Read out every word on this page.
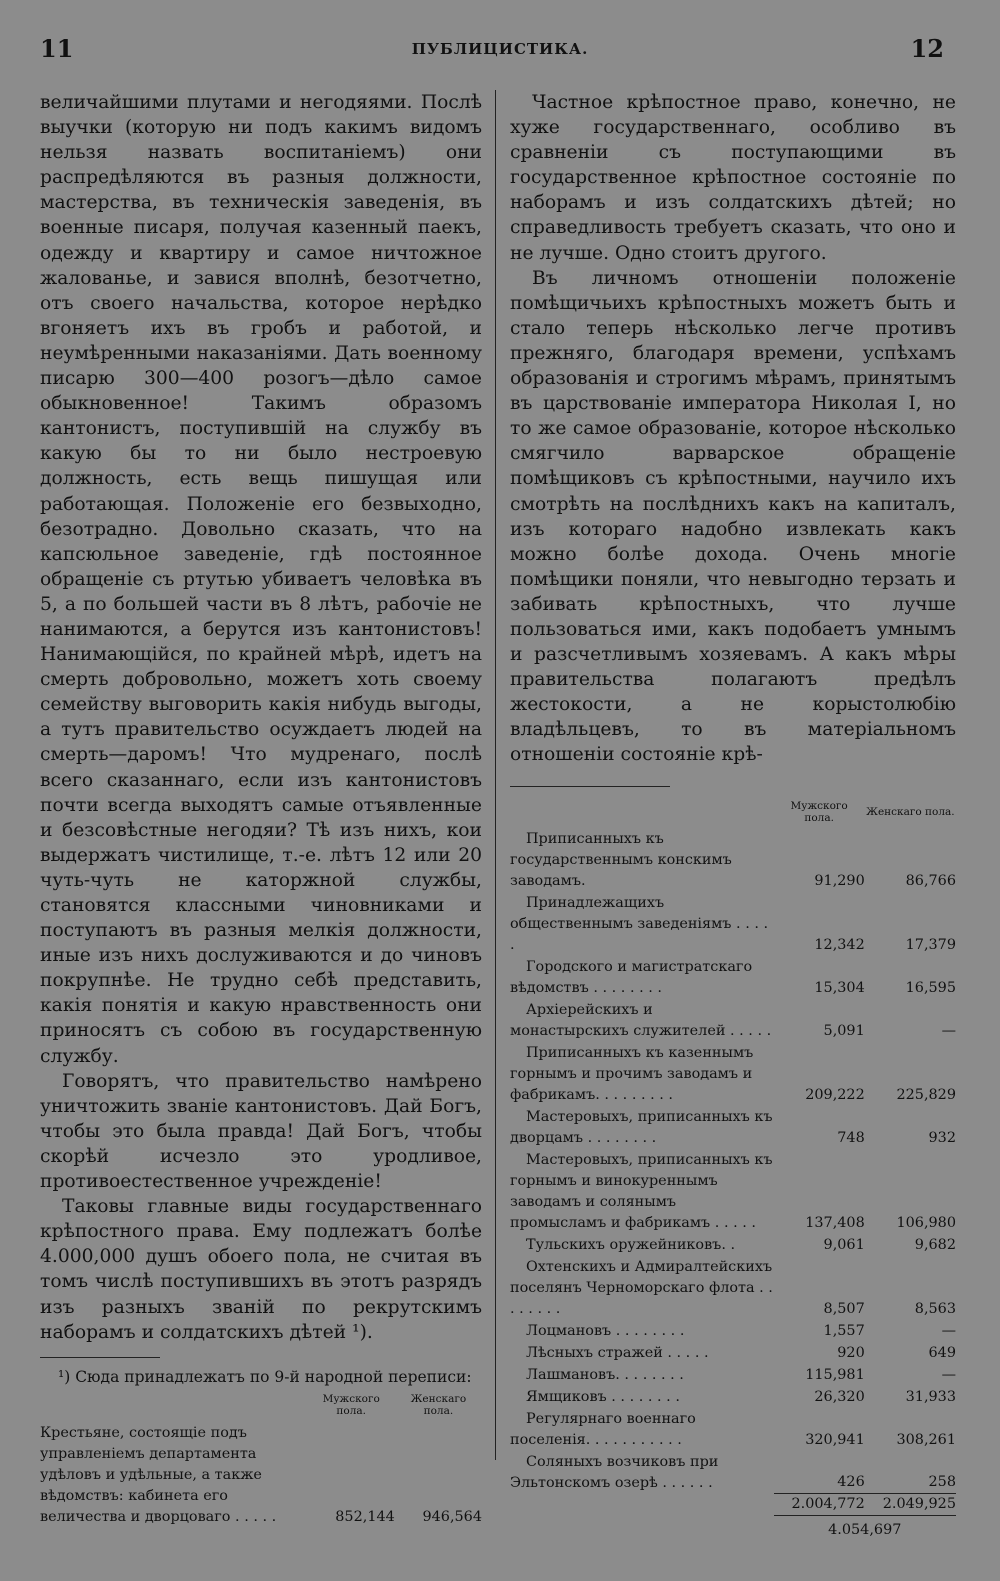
11	ПУБЛИЦИСТИКА.	12

величайшими плутами и негодяями. Послѣ выучки (которую ни подъ какимъ видомъ нельзя назвать воспитаніемъ) они распредѣляются въ разныя должности, мастерства, въ техническія заведенія, въ военные писаря, получая казенный паекъ, одежду и квартиру и самое ничтожное жалованье, и завися вполнѣ, безотчетно, отъ своего начальства, которое нерѣдко вгоняетъ ихъ въ гробъ и работой, и неумѣренными наказаніями. Дать военному писарю 300—400 розогъ—дѣло самое обыкновенное! Такимъ образомъ кантонистъ, поступившій на службу въ какую бы то ни было нестроевую должность, есть вещь пишущая или работающая. Положеніе его безвыходно, безотрадно. Довольно сказать, что на капсюльное заведеніе, гдѣ постоянное обращеніе съ ртутью убиваетъ человѣка въ 5, а по большей части въ 8 лѣтъ, рабочіе не нанимаются, а берутся изъ кантонистовъ! Нанимающійся, по крайней мѣрѣ, идетъ на смерть добровольно, можетъ хоть своему семейству выговорить какія нибудь выгоды, а тутъ правительство осуждаетъ людей на смерть—даромъ! Что мудренаго, послѣ всего сказаннаго, если изъ кантонистовъ почти всегда выходятъ самые отъявленные и безсовѣстные негодяи? Тѣ изъ нихъ, кои выдержатъ чистилище, т.-е. лѣтъ 12 или 20 чуть-чуть не каторжной службы, становятся классными чиновниками и поступаютъ въ разныя мелкія должности, иные изъ нихъ дослуживаются и до чиновъ покрупнѣе. Не трудно себѣ представить, какія понятія и какую нравственность они приносятъ съ собою въ государственную службу.

Говорятъ, что правительство намѣрено уничтожить званіе кантонистовъ. Дай Богъ, чтобы это была правда! Дай Богъ, чтобы скорѣй исчезло это уродливое, противоестественное учрежденіе!

Таковы главные виды государственнаго крѣпостного права. Ему подлежатъ болѣе 4.000,000 душъ обоего пола, не считая въ томъ числѣ поступившихъ въ этотъ разрядъ изъ разныхъ званій по рекрутскимъ наборамъ и солдатскихъ дѣтей ¹).

¹) Сюда принадлежатъ по 9-й народной переписи:

	Мужского пола.	Женскаго пола.
Крестьяне, состоящіе подъ управленіемъ департамента удѣловъ и удѣльные, а также вѣдомствъ: кабинета его величества и дворцоваго . . . . .	852,144	946,564

Частное крѣпостное право, конечно, не хуже государственнаго, особливо въ сравненіи съ поступающими въ государственное крѣпостное состояніе по наборамъ и изъ солдатскихъ дѣтей; но справедливость требуетъ сказать, что оно и не лучше. Одно стоитъ другого.

Въ личномъ отношеніи положеніе помѣщичьихъ крѣпостныхъ можетъ быть и стало теперь нѣсколько легче противъ прежняго, благодаря времени, успѣхамъ образованія и строгимъ мѣрамъ, принятымъ въ царствованіе императора Николая I, но то же самое образованіе, которое нѣсколько смягчило варварское обращеніе помѣщиковъ съ крѣпостными, научило ихъ смотрѣть на послѣднихъ какъ на капиталъ, изъ котораго надобно извлекать какъ можно болѣе дохода. Очень многіе помѣщики поняли, что невыгодно терзать и забивать крѣпостныхъ, что лучше пользоваться ими, какъ подобаетъ умнымъ и разсчетливымъ хозяевамъ. А какъ мѣры правительства полагаютъ предѣлъ жестокости, а не корыстолюбію владѣльцевъ, то въ матеріальномъ отношеніи состояніе крѣ-

	Мужского пола.	Женскаго пола.
Приписанныхъ къ государственнымъ конскимъ заводамъ.	91,290	86,766
Принадлежащихъ общественнымъ заведеніямъ . . . . .	12,342	17,379
Городского и магистратскаго вѣдомствъ . . . . . . . .	15,304	16,595
Архіерейскихъ и монастырскихъ служителей . . . . .	5,091	—
Приписанныхъ къ казеннымъ горнымъ и прочимъ заводамъ и фабрикамъ. . . . . . . . .	209,222	225,829
Мастеровыхъ, приписанныхъ къ дворцамъ . . . . . . . .	748	932
Мастеровыхъ, приписанныхъ къ горнымъ и винокуреннымъ заводамъ и солянымъ промысламъ и фабрикамъ . . . . .	137,408	106,980
Тульскихъ оружейниковъ. .	9,061	9,682
Охтенскихъ и Адмиралтейскихъ поселянъ Черноморскаго флота . . . . . . . .	8,507	8,563
Лоцмановъ . . . . . . . .	1,557	—
Лѣсныхъ стражей . . . . .	920	649
Лашмановъ. . . . . . . .	115,981	—
Ямщиковъ . . . . . . . .	26,320	31,933
Регулярнаго военнаго поселенія. . . . . . . . . . .	320,941	308,261
Соляныхъ возчиковъ при Эльтонскомъ озерѣ . . . . . .	426	258
	2.004,772	2.049,925
	4.054,697	
